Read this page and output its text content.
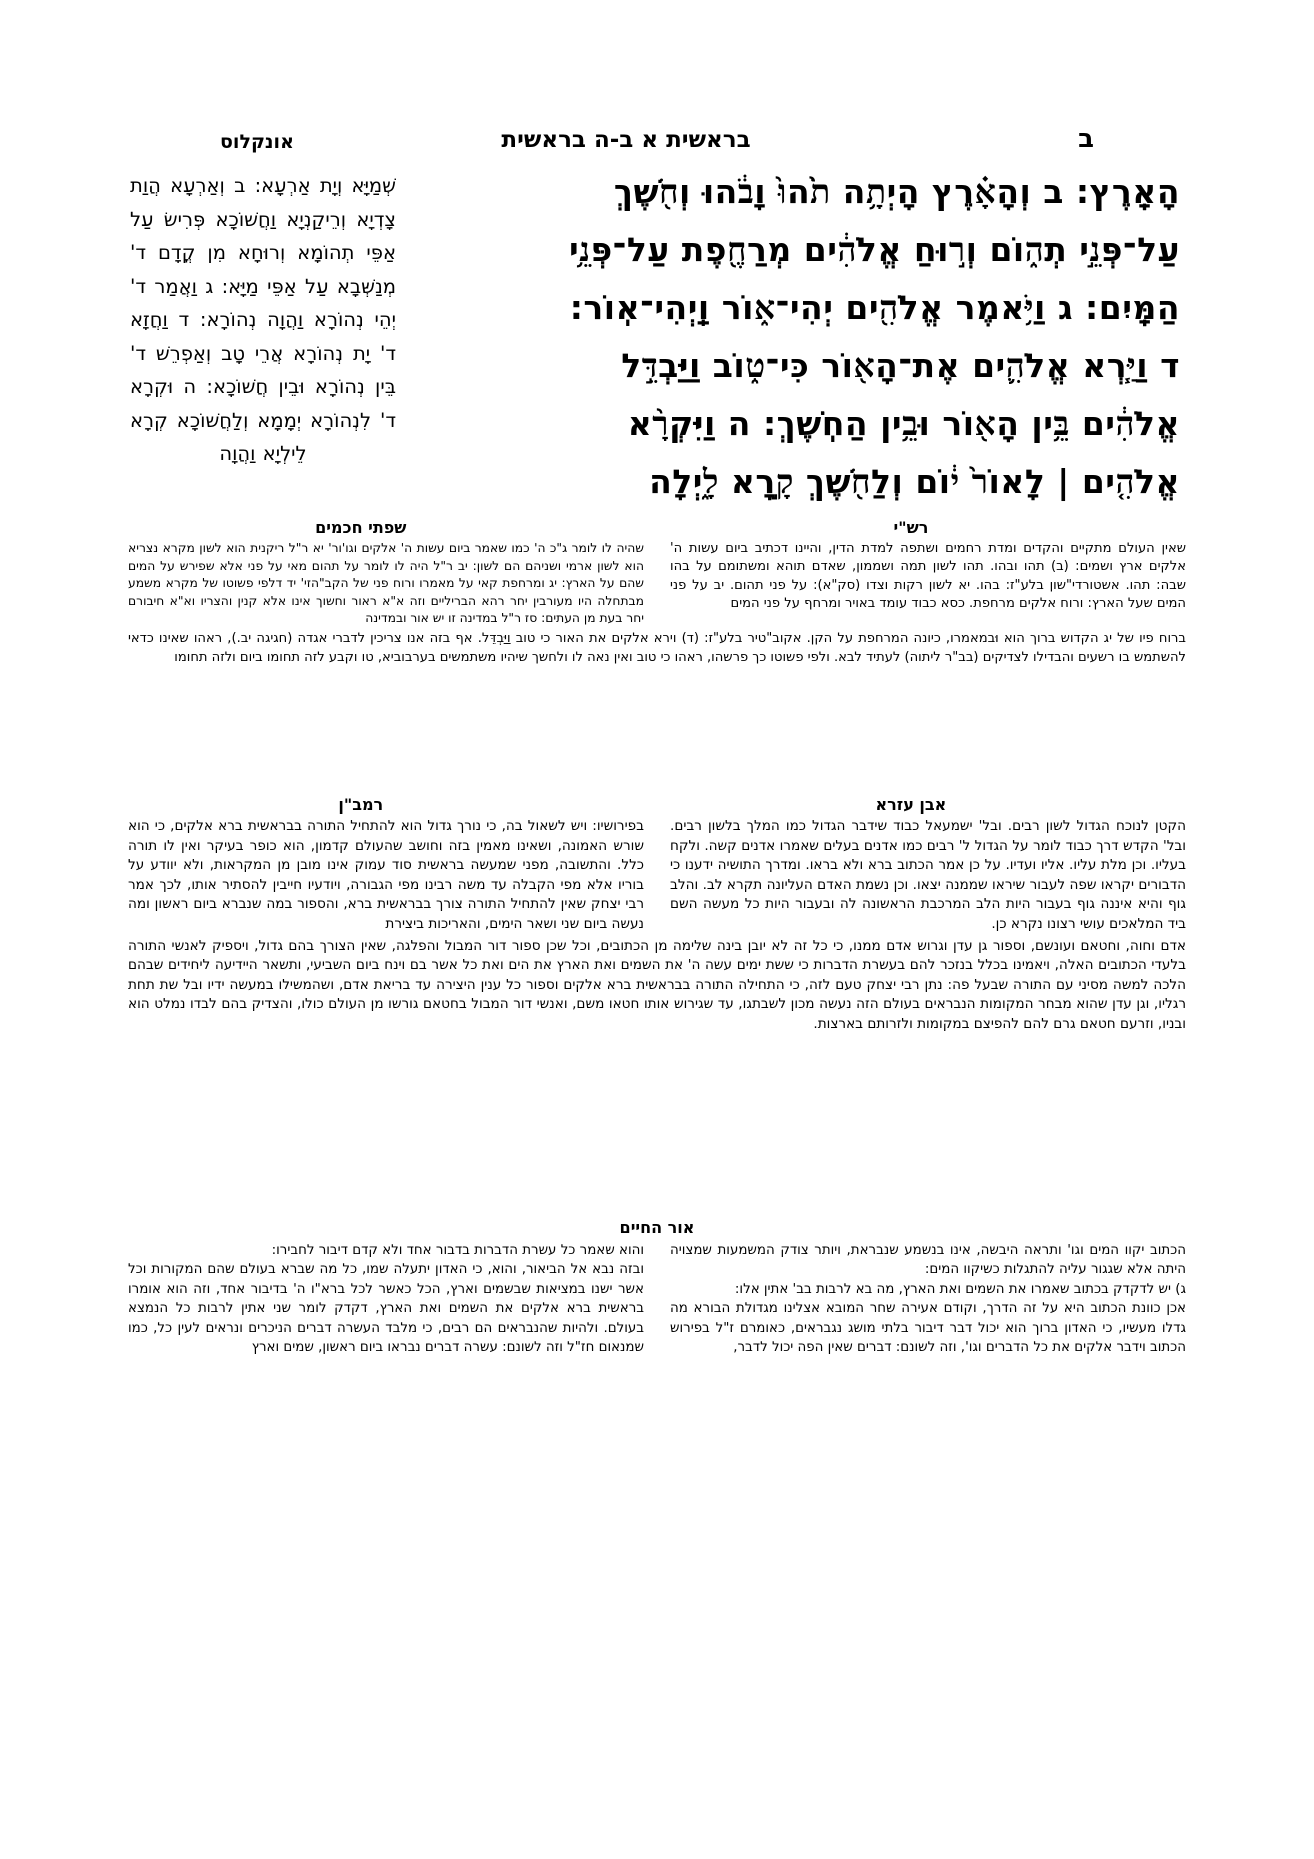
ב
בראשית א ב‑ה בראשית
אונקלוס
הָאָֽרֶץ: ב וְהָאָ֗רֶץ הָיְתָ֥ה תֹ֙הוּ֙ וָבֹ֔הוּ וְחֹ֖שֶׁךְ
עַל־פְּנֵ֣י תְה֑וֹם וְר֣וּחַ אֱלֹהִ֔ים מְרַחֶ֖פֶת עַל־פְּנֵ֥י
הַמָּֽיִם: ג וַיֹּ֥אמֶר אֱלֹהִ֖ים יְהִי־א֑וֹר וַֽיְהִי־אֽוֹר:
ד וַיַּ֧רְא אֱלֹהִ֛ים אֶת־הָא֖וֹר כִּי־ט֑וֹב וַיַּבְדֵּ֣ל
אֱלֹהִ֔ים בֵּ֥ין הָא֖וֹר וּבֵ֥ין הַחֹֽשֶׁךְ: ה וַיִּקְרָ֨א
אֱלֹהִ֤ים | לָאוֹר֙ י֔וֹם וְלַחֹ֖שֶׁךְ קָ֣רָא לָ֑יְלָה
שְׁמַיָּא וְיָת אַרְעָא: ב וְאַרְעָא הֲוַת צָדְיָא וְרֵיקַנְיָא וַחֲשׁוֹכָא פְּרִישׂ עַל אַפֵּי תְהוֹמָא וְרוּחָא מִן קֳדָם ד' מְנַשְּׁבָא עַל אַפֵּי מַיָּא: ג וַאֲמַר ד' יְהֵי נְהוֹרָא וַהֲוָה נְהוֹרָא: ד וַחֲזָא ד' יָת נְהוֹרָא אֲרֵי טָב וְאַפְרֵשׁ ד' בֵּין נְהוֹרָא וּבֵין חֲשׁוֹכָא: ה וּקְרָא ד' לִנְהוֹרָא יְמָמָא וְלַחֲשׁוֹכָא קְרָא לֵילְיָא וַהֲוָה
רש"י
שפתי חכמים
שאין העולם מתקיים והקדים ומדת רחמים ושתפה למדת הדין, והיינו דכתיב ביום עשות ה' אלקים ארץ ושמים: (ב) תהו ובהו. תהו לשון תמה ושממון, שאדם תוהא ומשתומם על בהו שבה: תהו. אשטורדי"שון בלע"ז: בהו. יא לשון רקות וצדו (סק"א): על פני תהום. יב על פני המים שעל הארץ: ורוח אלקים מרחפת. כסא כבוד עומד באויר ומרחף על פני המים
שהיה לו לומר ג"כ ה' כמו שאמר ביום עשות ה' אלקים וגו'ור' יא ר"ל ריקנית הוא לשון מקרא נצריא הוא לשון ארמי ושניהם הם לשון: יב ר"ל היה לו לומר על תהום מאי על פני אלא שפירש על המים שהם על הארץ: יג ומרחפת קאי על מאמרו ורוח פני של הקב"הזי' יד דלפי פשוטו של מקרא משמע מבתחלה היו מעורבין יחר רהא הבריליים וזה א"א ראור וחשוך אינו אלא קנין והצריו וא"א חיבורם יחר בעת מן העתים: סז ר"ל במדינה זו יש אור ובמדינה
ברוח פיו של יג הקדוש ברוך הוא וּבמאמרו, כיונה המרחפת על הקן. אקוב"טיר בלע"ז: (ד) וירא אלקים את האור כי טוב וַיַּבְדֵּל. אף בזה אנו צריכין לדברי אגדה (חגיגה יב.), ראהו שאינו כדאי להשתמש בו רשעים והבדילו לצדיקים (בב"ר ליתוה) לעתיד לבא. ולפי פשוטו כך פרשהו, ראהו כי טוב ואין נאה לו ולחשך שיהיו משתמשים בערבוביא, טו וקבע לזה תחומו ביום ולזה תחומו
אבן עזרא
רמב"ן
הקטן לנוכח הגדול לשון רבים. ובל' ישמעאל כבוד שידבר הגדול כמו המלך בלשון רבים. ובל' הקדש דרך כבוד לומר על הגדול ל' רבים כמו אדנים בעלים שאמרו אדנים קשה. ולקח בעליו. וכן מלת עליו. אליו ועדיו. על כן אמר הכתוב ברא ולא בראו. ומדרך התושיה ידענו כי הדבורים יקראו שפה לעבור שיראו שממנה יצאו. וכן נשמת האדם העליונה תקרא לב. והלב גוף והיא איננה גוף בעבור היות הלב המרכבת הראשונה לה ובעבור היות כל מעשה השם ביד המלאכים עושי רצונו נקרא כן.
בפירושיו: ויש לשאול בה, כי נורך גדול הוא להתחיל התורה בבראשית ברא אלקים, כי הוא שורש האמונה, ושאינו מאמין בזה וחושב שהעולם קדמון, הוא כופר בעיקר ואין לו תורה כלל. והתשובה, מפני שמעשה בראשית סוד עמוק אינו מובן מן המקראות, ולא יוודע על בוריו אלא מפי הקבלה עד משה רבינו מפי הגבורה, ויודעיו חייבין להסתיר אותו, לכך אמר רבי יצחק שאין להתחיל התורה צורך בבראשית ברא, והספור במה שנברא ביום ראשון ומה נעשה ביום שני ושאר הימים, והאריכות ביצירת
אדם וחוה, וחטאם ועונשם, וספור גן עדן וגרוש אדם ממנו, כי כל זה לא יובן בינה שלימה מן הכתובים, וכל שכן ספור דור המבול והפלגה, שאין הצורך בהם גדול, ויספיק לאנשי התורה בלעדי הכתובים האלה, ויאמינו בכלל בנזכר להם בעשרת הדברות כי ששת ימים עשה ה' את השמים ואת הארץ את הים ואת כל אשר בם וינח ביום השביעי, ותשאר היידיעה ליחידים שבהם הלכה למשה מסיני עם התורה שבעל פה: נתן רבי יצחק טעם לזה, כי התחילה התורה בבראשית ברא אלקים וספור כל ענין היצירה עד בריאת אדם, ושהמשילו במעשה ידיו ובל שת תחת רגליו, וגן עדן שהוא מבחר המקומות הנבראים בעולם הזה נעשה מכון לשבתגו, עד שגירוש אותו חטאו משם, ואנשי דור המבול בחטאם גורשו מן העולם כולו, והצדיק בהם לבדו נמלט הוא ובניו, וזרעם חטאם גרם להם להפיצם במקומות ולזרותם בארצות.
אור החיים
הכתוב יקוו המים וגו' ותראה היבשה, אינו בנשמע שנבראת, ויותר צודק המשמעות שמצויה היתה אלא שגגור עליה להתגלות כשיקוו המים:
ג) יש לדקדק בכתוב שאמרו את השמים ואת הארץ, מה בא לרבות בב' אתין אלו:
אכן כוונת הכתוב היא על זה הדרך, וקודם אעירה שחר המובא אצלינו מגדולת הבורא מה גדלו מעשיו, כי האדון ברוך הוא יכול דבר דיבור בלתי מושג נגבראים, כאומרם ז"ל בפירוש הכתוב וידבר אלקים את כל הדברים וגו', וזה לשונם: דברים שאין הפה יכול לדבר,
והוא שאמר כל עשרת הדברות בדבור אחד ולא קדם דיבור לחבירו:
ובזה נבא אל הביאור, והוא, כי האדון יתעלה שמו, כל מה שברא בעולם שהם המקורות וכל אשר ישנו במציאות שבשמים וארץ, הכל כאשר לכל ברא"ו ה' בדיבור אחד, וזה הוא אומרו בראשית ברא אלקים את השמים ואת הארץ, דקדק לומר שני אתין לרבות כל הנמצא בעולם. ולהיות שהנבראים הם רבים, כי מלבד העשרה דברים הניכרים ונראים לעין כל, כמו שמנאום חז"ל וזה לשונם: עשרה דברים נבראו ביום ראשון, שמים וארץ
